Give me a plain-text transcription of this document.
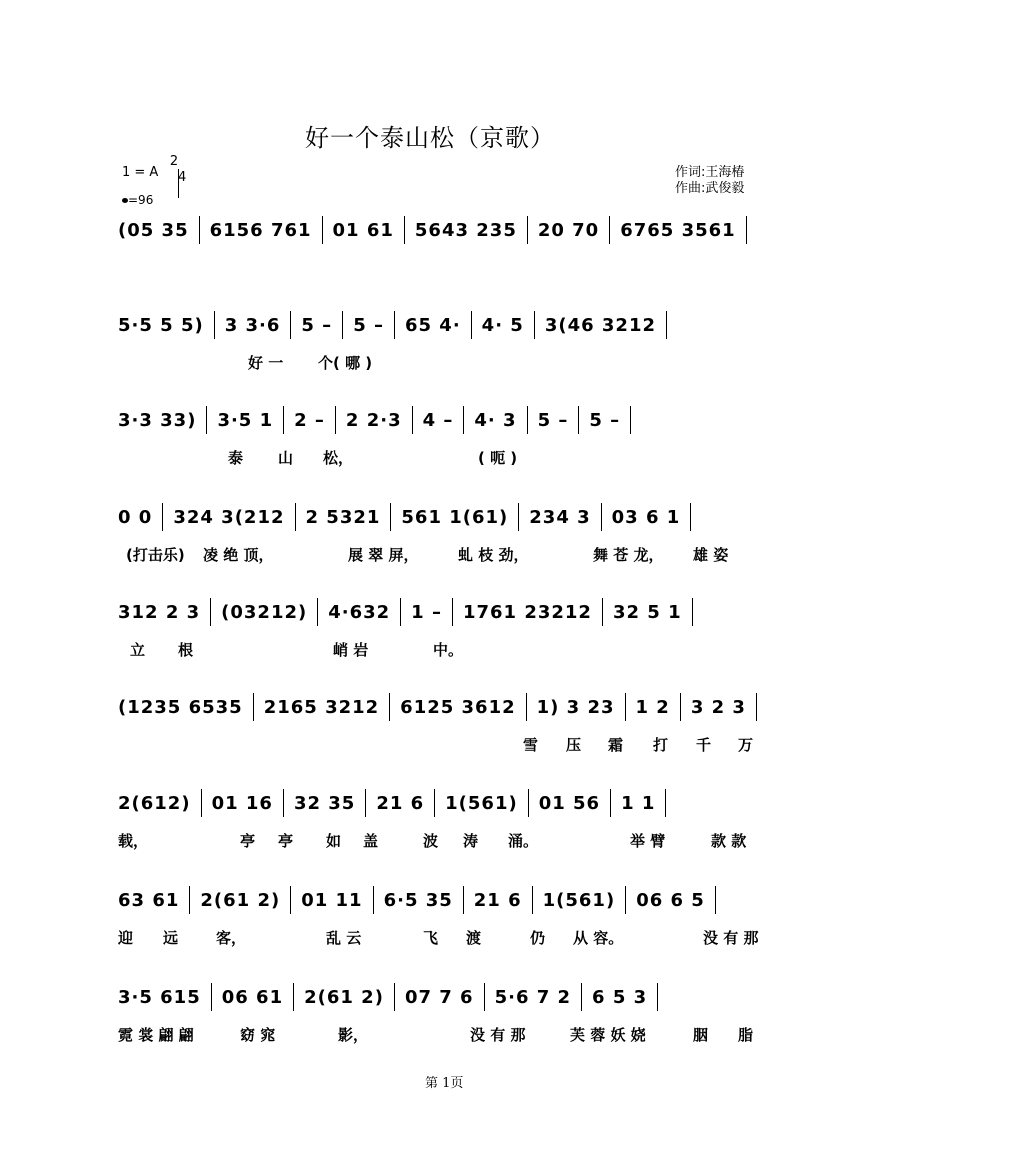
好一个泰山松（京歌）
1 = A $\frac{2}{4}$
=96
作词:王海椿
作曲:武俊毅
(05 35 6156 761 01 61 5643 235 20 70 6765 3561
5·5 5 5) 3 3·6 5 – 5 – 65 4· 4· 5 3(46 3212
好 一 个( 哪 )
3·3 33) 3·5 1 2 – 2 2·3 4 – 4· 3 5 – 5 –
泰 山 松，	( 呃 )
0 0 324 3(212 2 5321 561 1(61) 234 3 03 6 1
(打击乐) 凌 绝 顶，	展 翠 屏，	虬 枝 劲，	舞 苍 龙， 雄 姿
312 2 3 (03212) 4·632 1 – 1761 23212 32 5 1
立 根	峭 岩	中。
(1235 6535 2165 3212 6125 3612 1) 3 23 1 2 3 2 3
雪 压 霜 打 千 万
2(612) 01 16 32 35 21 6 1(561) 01 56 1 1
载，	亭 亭 如 盖	波 涛 涌。	举 臂	款 款
63 61 2(61 2) 01 11 6·5 35 21 6 1(561) 06 6 5
迎 远	客，	乱 云	飞 渡	仍 从 容。	没 有 那
3·5 615 06 61 2(61 2) 07 7 6 5·6 7 2 6 5 3
霓 裳 翩 翩	窈 窕	影，	没 有 那	芙 蓉 妖 娆	胭 脂
第 1页
